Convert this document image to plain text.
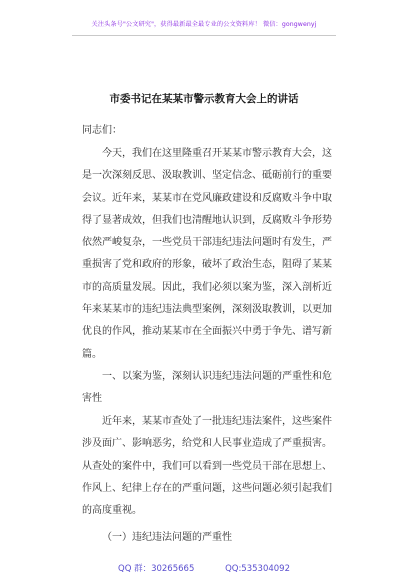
关注头条号"公文研究"，获得最新最全最专业的公文资料库！ 微信：gongwenyj
市委书记在某某市警示教育大会上的讲话

同志们：

今天，我们在这里隆重召开某某市警示教育大会，这是一次深刻反思、汲取教训、坚定信念、砥砺前行的重要会议。近年来，某某市在党风廉政建设和反腐败斗争中取得了显著成效，但我们也清醒地认识到，反腐败斗争形势依然严峻复杂，一些党员干部违纪违法问题时有发生，严重损害了党和政府的形象，破坏了政治生态，阻碍了某某市的高质量发展。因此，我们必须以案为鉴，深入剖析近年来某某市的违纪违法典型案例，深刻汲取教训，以更加优良的作风，推动某某市在全面振兴中勇于争先、谱写新篇。

一、以案为鉴，深刻认识违纪违法问题的严重性和危害性

近年来，某某市查处了一批违纪违法案件，这些案件涉及面广、影响恶劣，给党和人民事业造成了严重损害。从查处的案件中，我们可以看到一些党员干部在思想上、作风上、纪律上存在的严重问题，这些问题必须引起我们的高度重视。

（一）违纪违法问题的严重性

QQ 群：30265665	QQ:535304092
